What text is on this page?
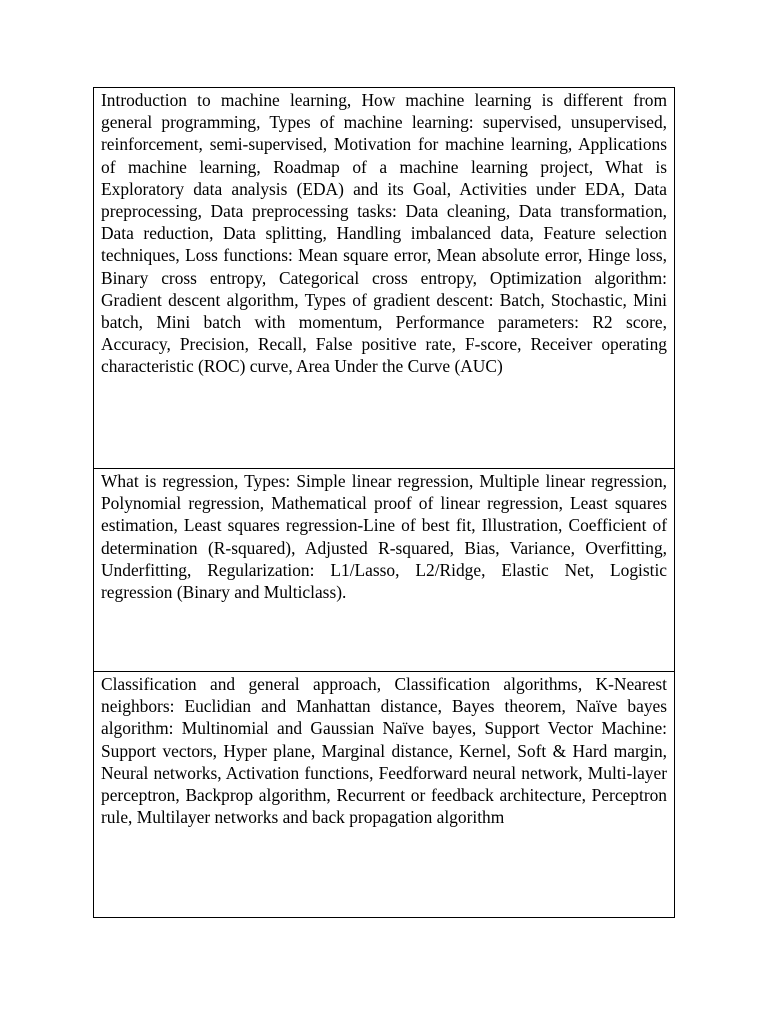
Introduction to machine learning, How machine learning is different from general programming, Types of machine learning: supervised, unsupervised, reinforcement, semi-supervised, Motivation for machine learning, Applications of machine learning, Roadmap of a machine learning project, What is Exploratory data analysis (EDA) and its Goal, Activities under EDA, Data preprocessing, Data preprocessing tasks: Data cleaning, Data transformation, Data reduction, Data splitting, Handling imbalanced data, Feature selection techniques, Loss functions: Mean square error, Mean absolute error, Hinge loss, Binary cross entropy, Categorical cross entropy, Optimization algorithm: Gradient descent algorithm, Types of gradient descent: Batch, Stochastic, Mini batch, Mini batch with momentum, Performance parameters: R2 score, Accuracy, Precision, Recall, False positive rate, F-score, Receiver operating characteristic (ROC) curve, Area Under the Curve (AUC)
What is regression, Types: Simple linear regression, Multiple linear regression, Polynomial regression, Mathematical proof of linear regression, Least squares estimation, Least squares regression-Line of best fit, Illustration, Coefficient of determination (R-squared), Adjusted R-squared, Bias, Variance, Overfitting, Underfitting, Regularization: L1/Lasso, L2/Ridge, Elastic Net, Logistic regression (Binary and Multiclass).
Classification and general approach, Classification algorithms, K-Nearest neighbors: Euclidian and Manhattan distance, Bayes theorem, Naïve bayes algorithm: Multinomial and Gaussian Naïve bayes, Support Vector Machine: Support vectors, Hyper plane, Marginal distance, Kernel, Soft & Hard margin, Neural networks, Activation functions, Feedforward neural network, Multi-layer perceptron, Backprop algorithm, Recurrent or feedback architecture, Perceptron rule, Multilayer networks and back propagation algorithm
